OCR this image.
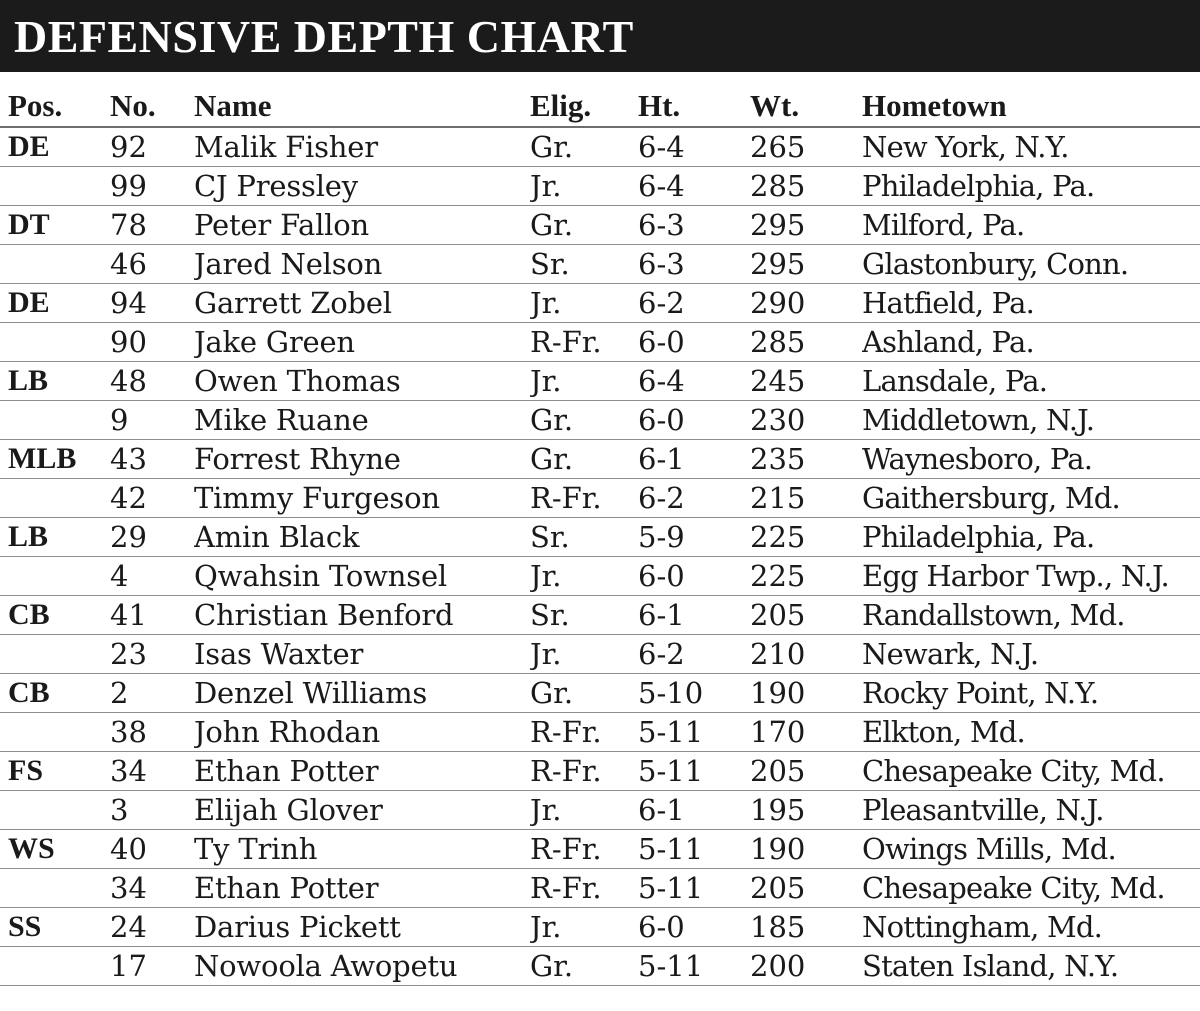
DEFENSIVE DEPTH CHART
Pos.	No.	Name	Elig.	Ht.	Wt.	Hometown
DE	92	Malik Fisher	Gr.	6-4	265	New York, N.Y.
	99	CJ Pressley	Jr.	6-4	285	Philadelphia, Pa.
DT	78	Peter Fallon	Gr.	6-3	295	Milford, Pa.
	46	Jared Nelson	Sr.	6-3	295	Glastonbury, Conn.
DE	94	Garrett Zobel	Jr.	6-2	290	Hatfield, Pa.
	90	Jake Green	R-Fr.	6-0	285	Ashland, Pa.
LB	48	Owen Thomas	Jr.	6-4	245	Lansdale, Pa.
	9	Mike Ruane	Gr.	6-0	230	Middletown, N.J.
MLB	43	Forrest Rhyne	Gr.	6-1	235	Waynesboro, Pa.
	42	Timmy Furgeson	R-Fr.	6-2	215	Gaithersburg, Md.
LB	29	Amin Black	Sr.	5-9	225	Philadelphia, Pa.
	4	Qwahsin Townsel	Jr.	6-0	225	Egg Harbor Twp., N.J.
CB	41	Christian Benford	Sr.	6-1	205	Randallstown, Md.
	23	Isas Waxter	Jr.	6-2	210	Newark, N.J.
CB	2	Denzel Williams	Gr.	5-10	190	Rocky Point, N.Y.
	38	John Rhodan	R-Fr.	5-11	170	Elkton, Md.
FS	34	Ethan Potter	R-Fr.	5-11	205	Chesapeake City, Md.
	3	Elijah Glover	Jr.	6-1	195	Pleasantville, N.J.
WS	40	Ty Trinh	R-Fr.	5-11	190	Owings Mills, Md.
	34	Ethan Potter	R-Fr.	5-11	205	Chesapeake City, Md.
SS	24	Darius Pickett	Jr.	6-0	185	Nottingham, Md.
	17	Nowoola Awopetu	Gr.	5-11	200	Staten Island, N.Y.
